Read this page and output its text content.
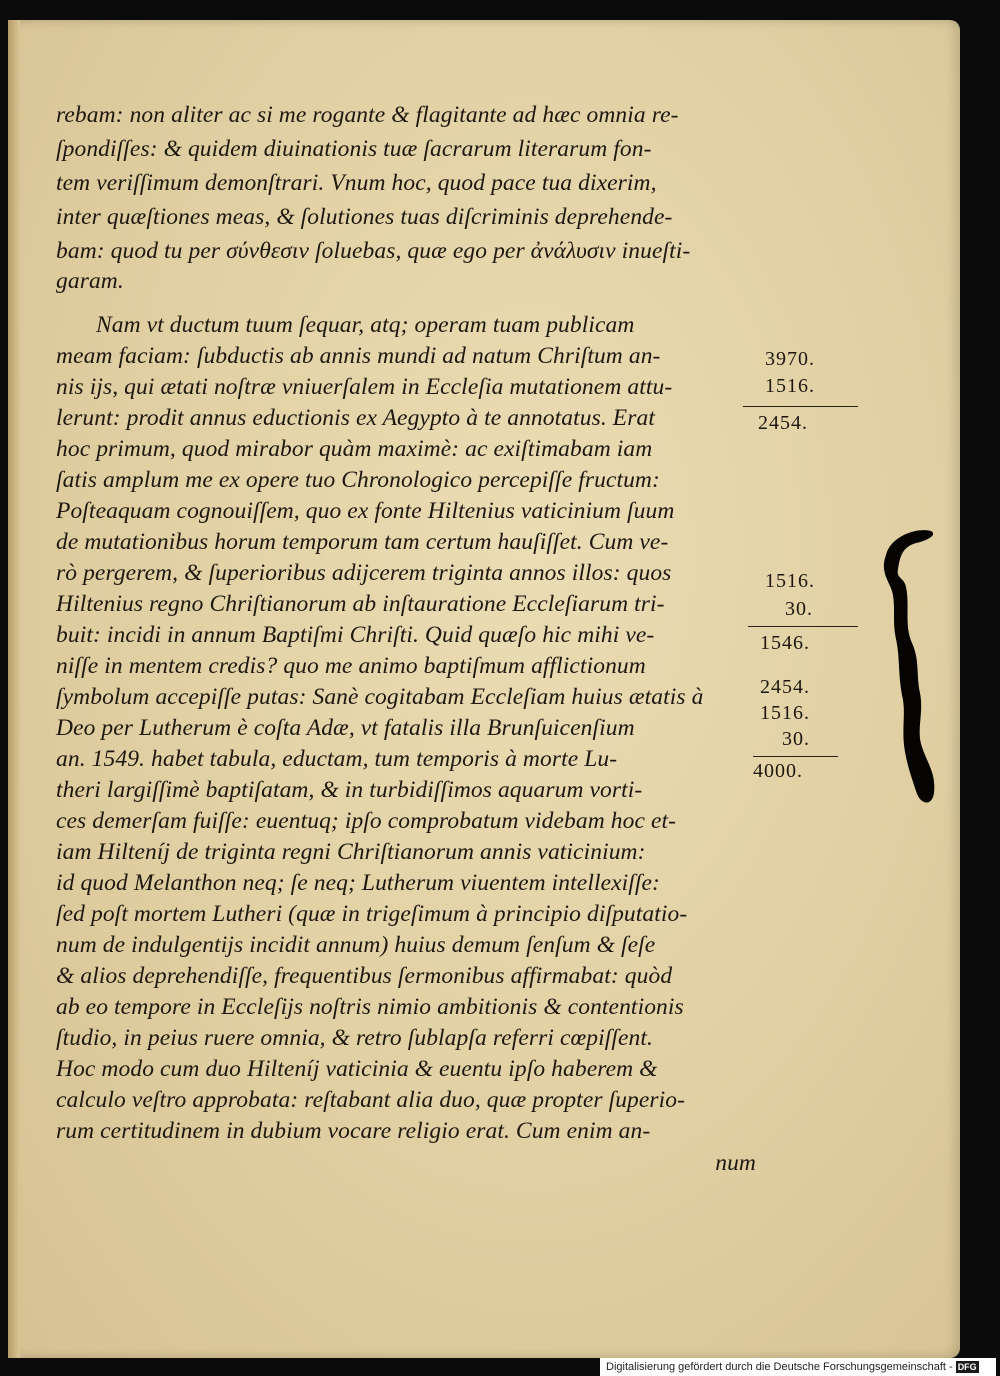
rebam: non aliter ac si me rogante & flagitante ad hæc omnia re-
ſpondiſſes: & quidem diuinationis tuæ ſacrarum literarum fon-
tem veriſſimum demonſtrari. Vnum hoc, quod pace tua dixerim,
inter quæſtiones meas, & ſolutiones tuas diſcriminis deprehende-
bam: quod tu per σύνθεσιν ſoluebas, quæ ego per ἀνάλυσιν inueſti-
garam.
Nam vt ductum tuum ſequar, atq; operam tuam publicam
meam faciam: ſubductis ab annis mundi ad natum Chriſtum an-
nis ijs, qui ætati noſtræ vniuerſalem in Eccleſia mutationem attu-
lerunt: prodit annus eductionis ex Aegypto à te annotatus. Erat
hoc primum, quod mirabor quàm maximè: ac exiſtimabam iam
ſatis amplum me ex opere tuo Chronologico percepiſſe fructum:
Poſteaquam cognouiſſem, quo ex fonte Hiltenius vaticinium ſuum
de mutationibus horum temporum tam certum hauſiſſet. Cum ve-
rò pergerem, & ſuperioribus adijcerem triginta annos illos: quos
Hiltenius regno Chriſtianorum ab inſtauratione Eccleſiarum tri-
buit: incidi in annum Baptiſmi Chriſti. Quid quæſo hic mihi ve-
niſſe in mentem credis? quo me animo baptiſmum afflictionum
ſymbolum accepiſſe putas: Sanè cogitabam Eccleſiam huius ætatis à
Deo per Lutherum è coſta Adæ, vt fatalis illa Brunſuicenſium
an. 1549. habet tabula, eductam, tum temporis à morte Lu-
theri largiſſimè baptiſatam, & in turbidiſſimos aquarum vorti-
ces demerſam fuiſſe: euentuq; ipſo comprobatum videbam hoc et-
iam Hilteníj de triginta regni Chriſtianorum annis vaticinium:
id quod Melanthon neq; ſe neq; Lutherum viuentem intellexiſſe:
ſed poſt mortem Lutheri (quæ in trigeſimum à principio diſputatio-
num de indulgentijs incidit annum) huius demum ſenſum & ſeſe
& alios deprehendiſſe, frequentibus ſermonibus affirmabat: quòd
ab eo tempore in Eccleſijs noſtris nimio ambitionis & contentionis
ſtudio, in peius ruere omnia, & retro ſublapſa referri cœpiſſent.
Hoc modo cum duo Hilteníj vaticinia & euentu ipſo haberem &
calculo veſtro approbata: reſtabant alia duo, quæ propter ſuperio-
rum certitudinem in dubium vocare religio erat. Cum enim an-
num
3970.
1516.
2454.
1516.
30.
1546.
2454.
1516.
30.
4000.
Digitalisierung gefördert durch die Deutsche Forschungsgemeinschaft - DFG
